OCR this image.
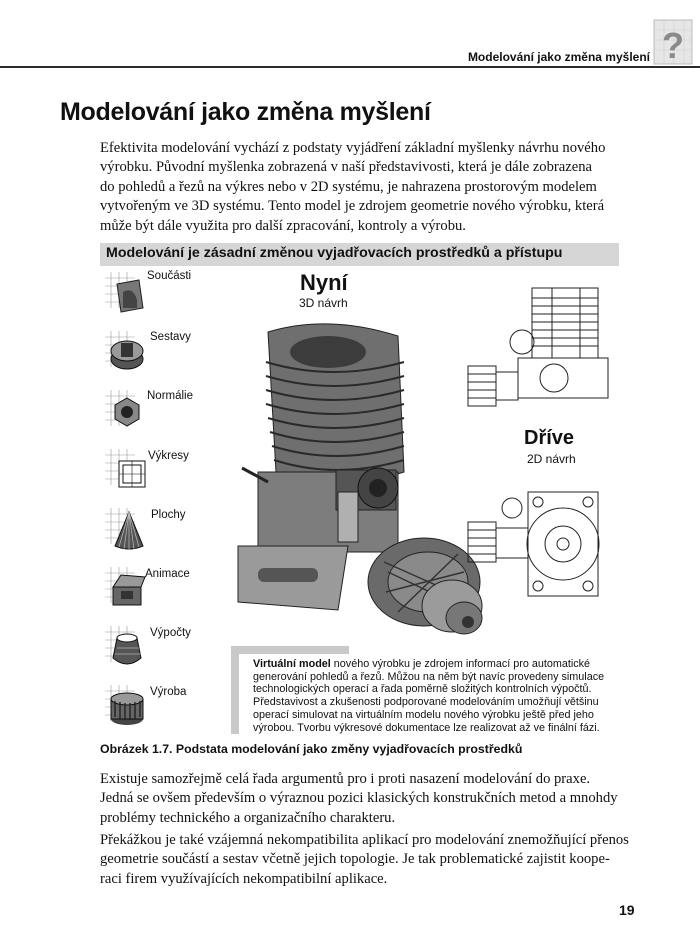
Modelování jako změna myšlení ?
Modelování jako změna myšlení
Efektivita modelování vychází z podstaty vyjádření základní myšlenky návrhu nového
výrobku. Původní myšlenka zobrazená v naší představivosti, která je dále zobrazena
do pohledů a řezů na výkres nebo v 2D systému, je nahrazena prostorovým modelem
vytvořeným ve 3D systému. Tento model je zdrojem geometrie nového výrobku, která
může být dále využita pro další zpracování, kontroly a výrobu.
Modelování je zásadní změnou vyjadřovacích prostředků a přístupu
Součásti
Sestavy
Normálie
Výkresy
Plochy
Animace
Výpočty
Výroba
Nyní
3D návrh
Dříve
2D návrh
Virtuální model nového výrobku je zdrojem informací pro automatické
generování pohledů a řezů. Můžou na něm být navíc provedeny simulace
technologických operací a řada poměrně složitých kontrolních výpočtů.
Představivost a zkušenosti podporované modelováním umožňují většinu
operací simulovat na virtuálním modelu nového výrobku ještě před jeho
výrobou. Tvorbu výkresové dokumentace lze realizovat až ve finální fázi.
Obrázek 1.7. Podstata modelování jako změny vyjadřovacích prostředků
Existuje samozřejmě celá řada argumentů pro i proti nasazení modelování do praxe.
Jedná se ovšem především o výraznou pozici klasických konstrukčních metod a mnohdy
problémy technického a organizačního charakteru.
Překážkou je také vzájemná nekompatibilita aplikací pro modelování znemožňující přenos
geometrie součástí a sestav včetně jejich topologie. Je tak problematické zajistit koope-
raci firem využívajících nekompatibilní aplikace.
19
